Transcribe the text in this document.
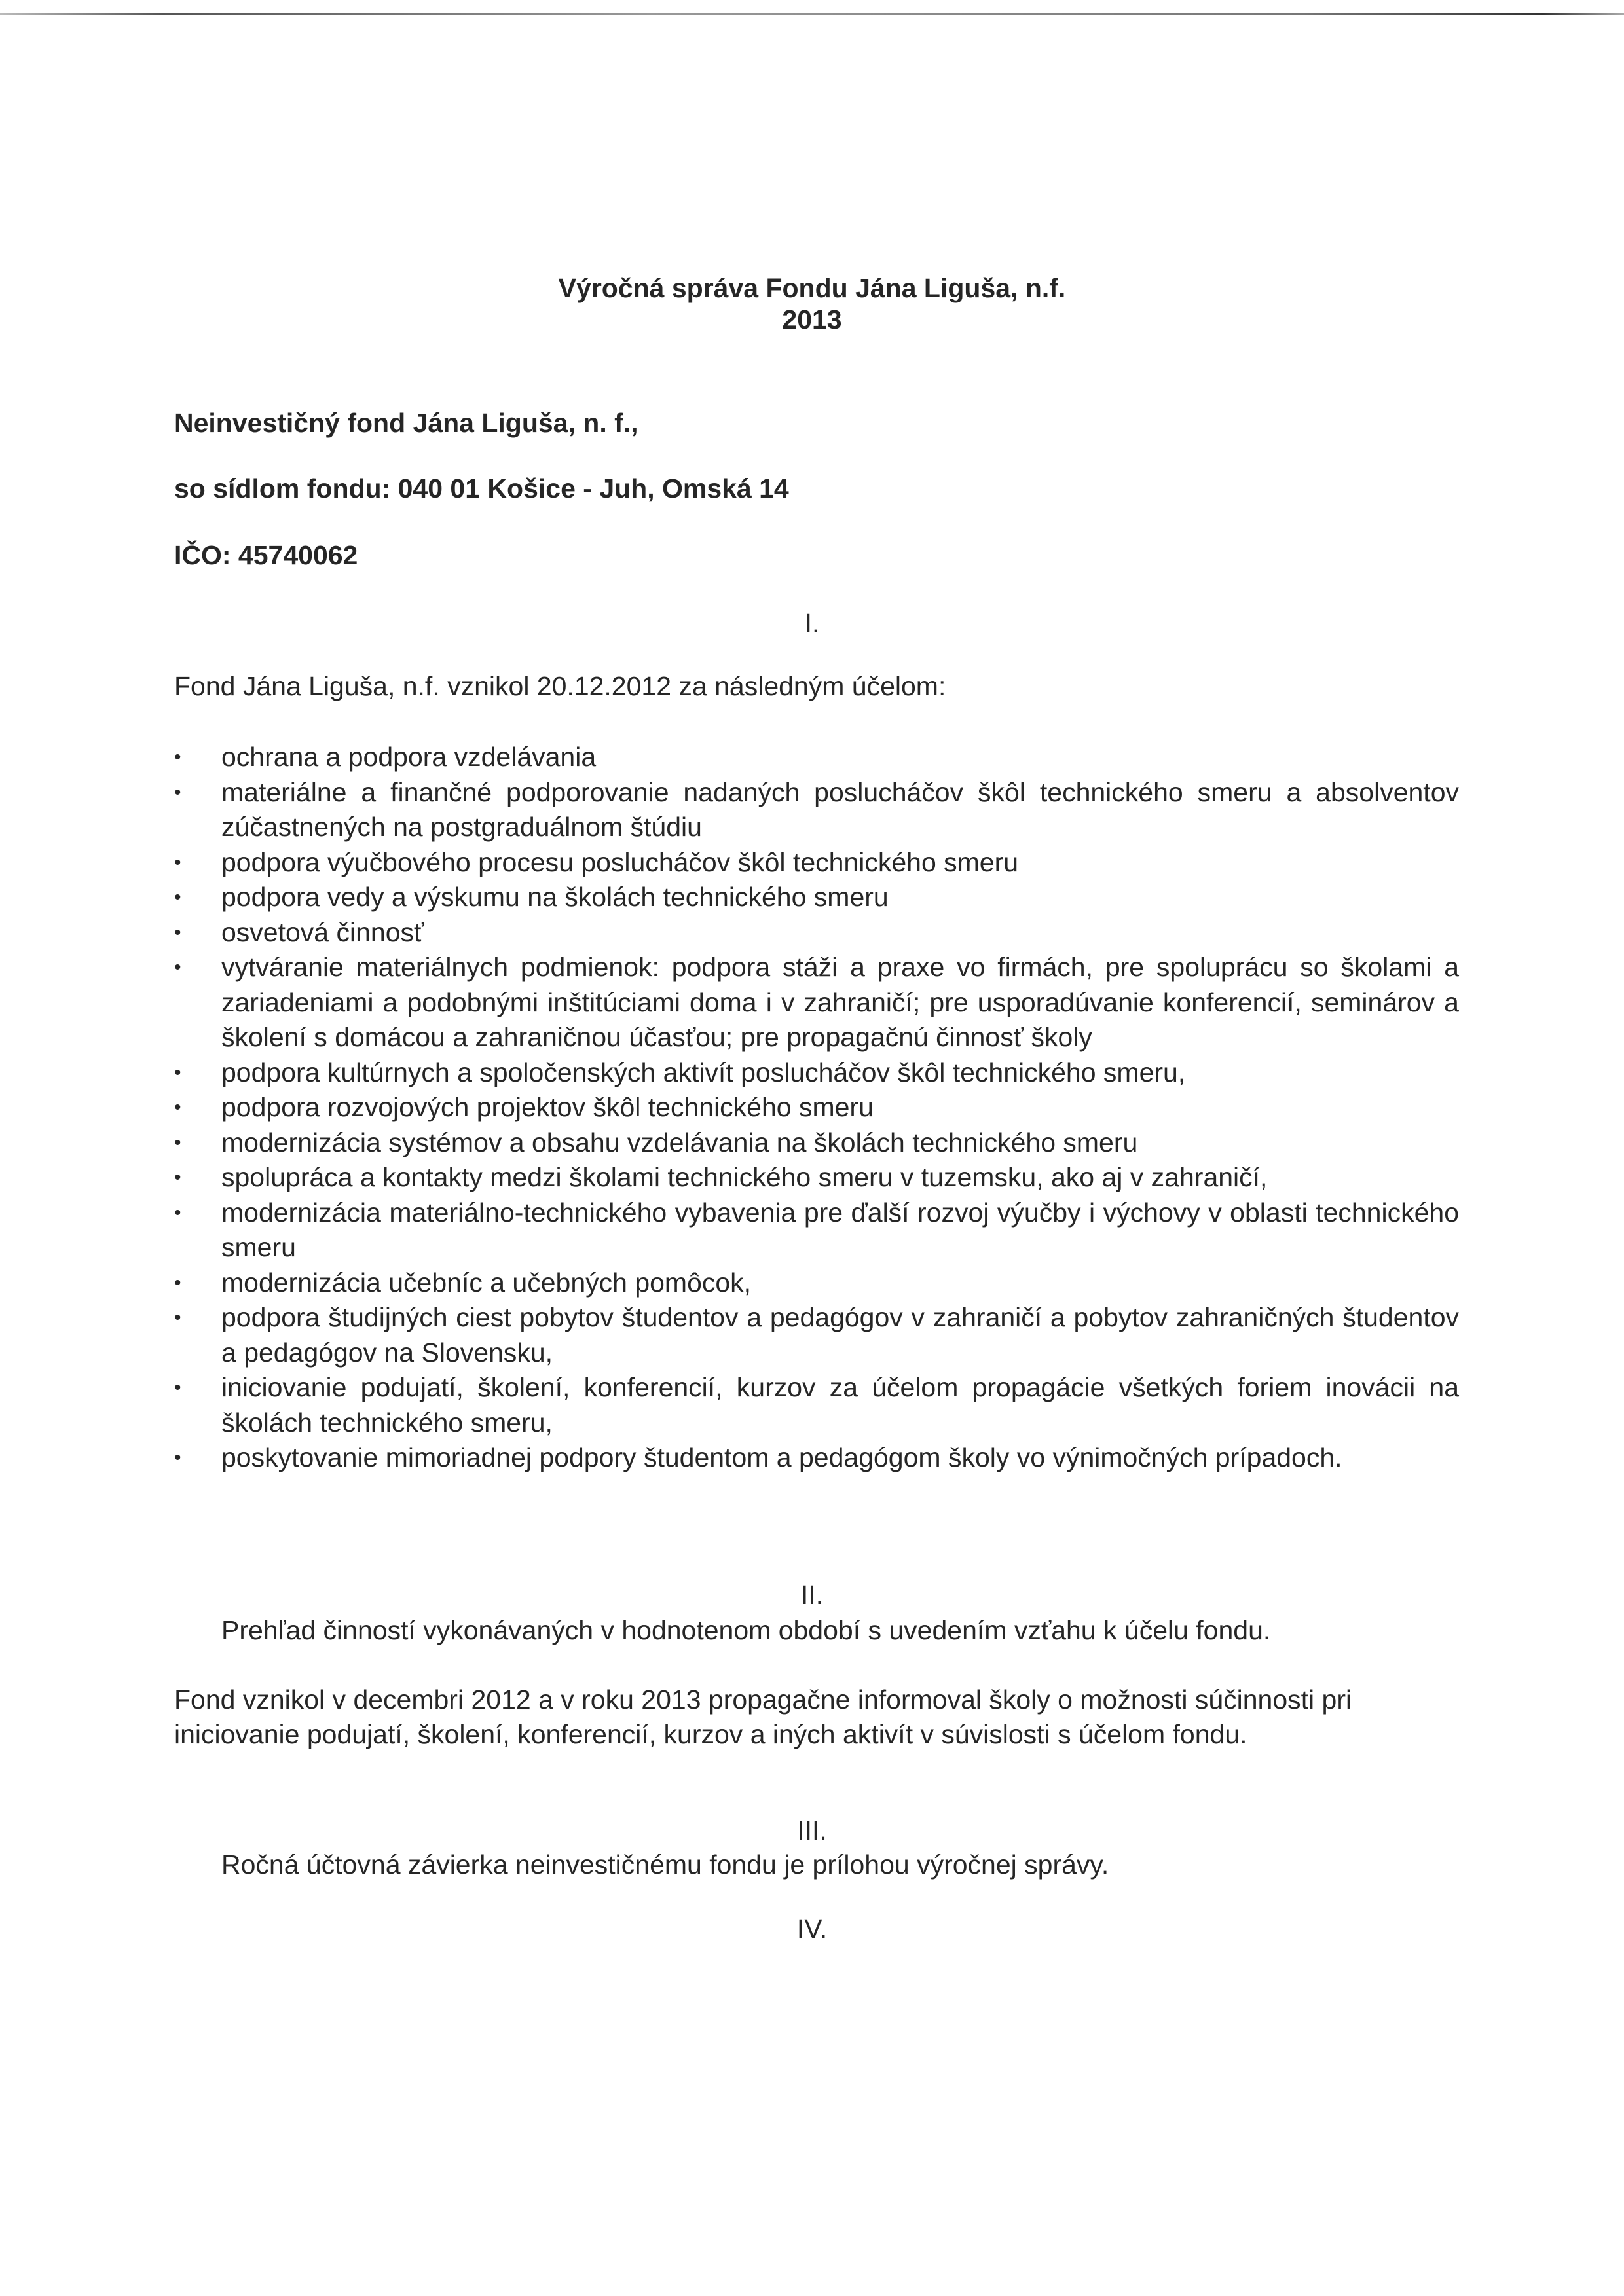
Výročná správa Fondu Jána Liguša, n.f.
2013
Neinvestičný fond Jána Liguša, n. f.,
so sídlom fondu: 040 01 Košice - Juh, Omská 14
IČO: 45740062
I.
Fond Jána Liguša, n.f. vznikol 20.12.2012 za následným účelom:
• ochrana a podpora vzdelávania
• materiálne a finančné podporovanie nadaných poslucháčov škôl technického smeru a absolventov zúčastnených na postgraduálnom štúdiu
• podpora výučbového procesu poslucháčov škôl technického smeru
• podpora vedy a výskumu na školách technického smeru
• osvetová činnosť
• vytváranie materiálnych podmienok: podpora stáži a praxe vo firmách, pre spoluprácu so školami a zariadeniami a podobnými inštitúciami doma i v zahraničí; pre usporadúvanie konferencií, seminárov a školení s domácou a zahraničnou účasťou; pre propagačnú činnosť školy
• podpora kultúrnych a spoločenských aktivít poslucháčov škôl technického smeru,
• podpora rozvojových projektov škôl technického smeru
• modernizácia systémov a obsahu vzdelávania na školách technického smeru
• spolupráca a kontakty medzi školami technického smeru v tuzemsku, ako aj v zahraničí,
• modernizácia materiálno-technického vybavenia pre ďalší rozvoj výučby i výchovy v oblasti technického smeru
• modernizácia učebníc a učebných pomôcok,
• podpora študijných ciest pobytov študentov a pedagógov v zahraničí a pobytov zahraničných študentov a pedagógov na Slovensku,
• iniciovanie podujatí, školení, konferencií, kurzov za účelom propagácie všetkých foriem inovácii na školách technického smeru,
• poskytovanie mimoriadnej podpory študentom a pedagógom školy vo výnimočných prípadoch.
II.
Prehľad činností vykonávaných v hodnotenom období s uvedením vzťahu k účelu fondu.
Fond vznikol v decembri 2012 a v roku 2013 propagačne informoval školy o možnosti súčinnosti pri iniciovanie podujatí, školení, konferencií, kurzov a iných aktivít v súvislosti s účelom fondu.
III.
Ročná účtovná závierka neinvestičnému fondu je prílohou výročnej správy.
IV.
